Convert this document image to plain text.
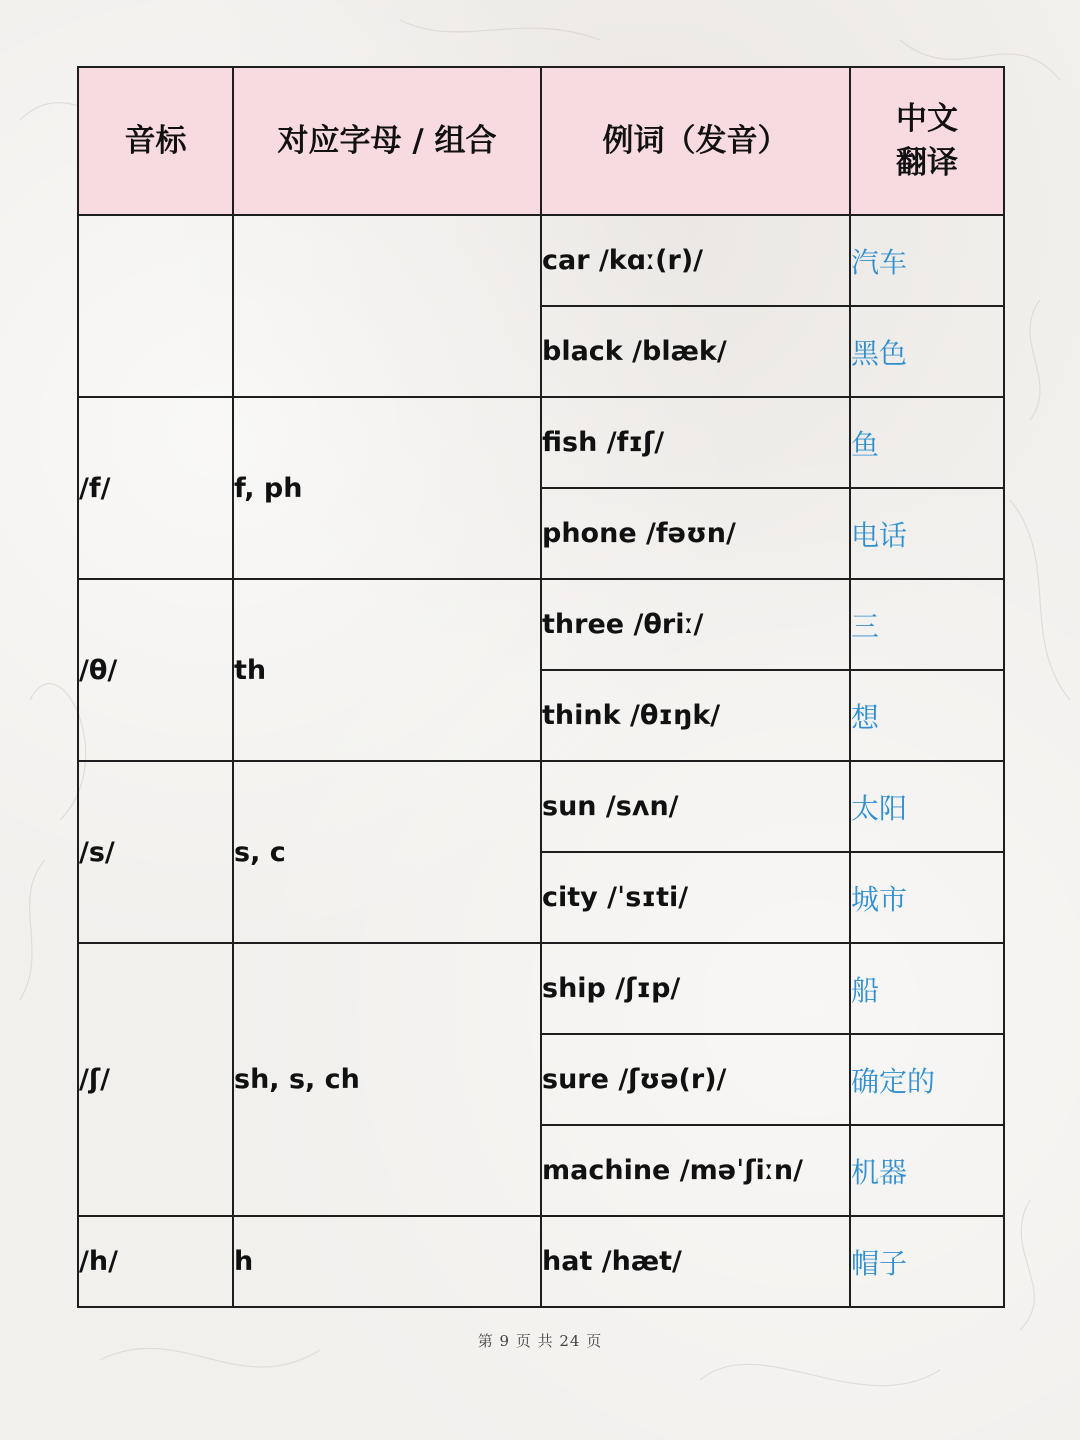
音标	对应字母 / 组合	例词（发音）	中文
翻译

		car /kɑː(r)/	汽车
		black /blæk/	黑色
/f/	f, ph	fish /fɪʃ/	鱼
		phone /fəʊn/	电话
/θ/	th	three /θriː/	三
		think /θɪŋk/	想
/s/	s, c	sun /sʌn/	太阳
		city /ˈsɪti/	城市
/ʃ/	sh, s, ch	ship /ʃɪp/	船
		sure /ʃʊə(r)/	确定的
		machine /məˈʃiːn/	机器
/h/	h	hat /hæt/	帽子
第 9 页 共 24 页
